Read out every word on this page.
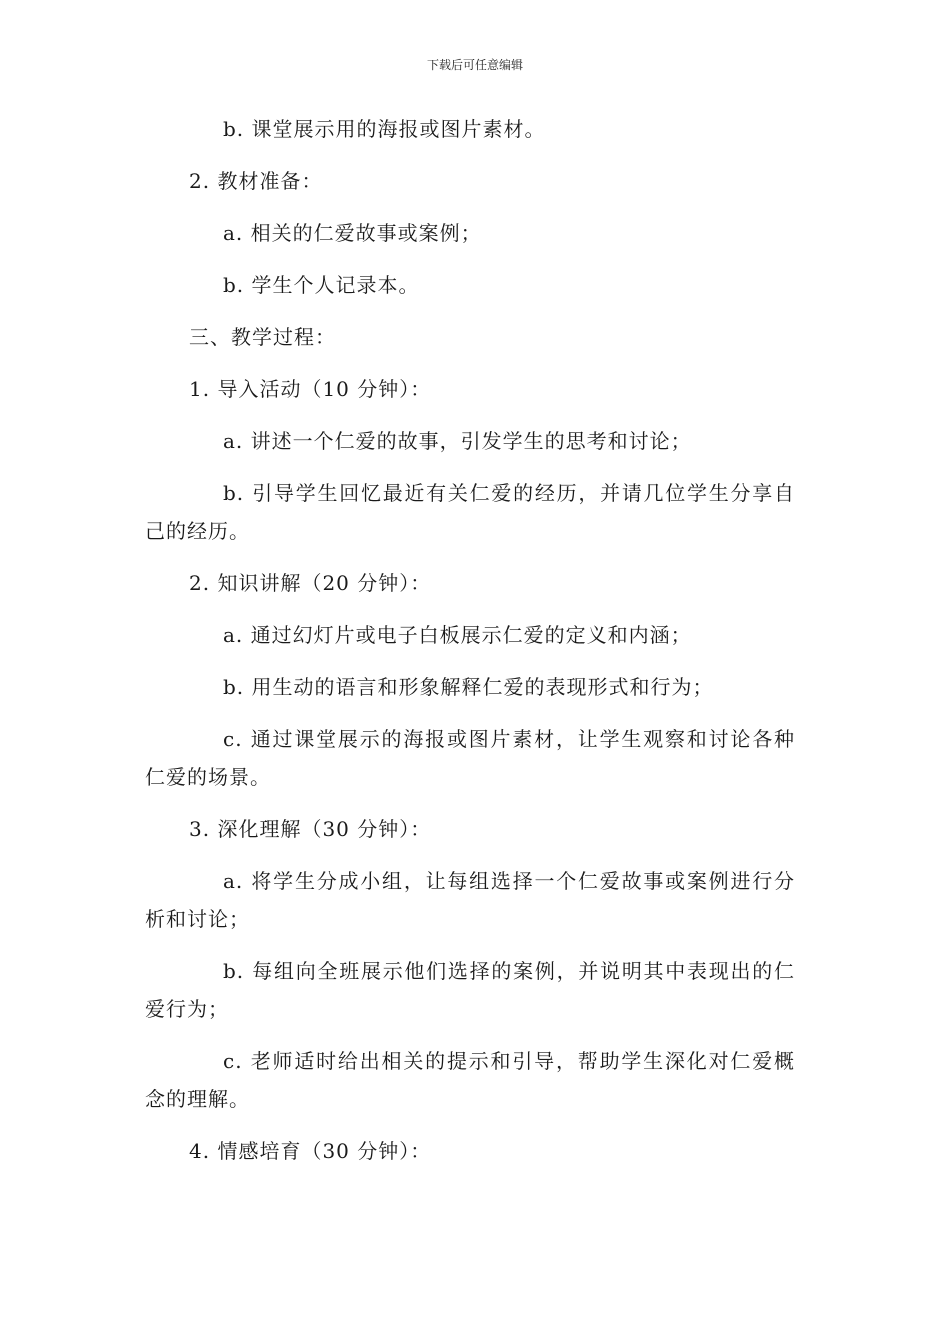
下载后可任意编辑

b. 课堂展示用的海报或图片素材。

2. 教材准备：

a. 相关的仁爱故事或案例；

b. 学生个人记录本。

三、教学过程：

1. 导入活动（10 分钟）：

a. 讲述一个仁爱的故事，引发学生的思考和讨论；

b. 引导学生回忆最近有关仁爱的经历，并请几位学生分享自己的经历。

2. 知识讲解（20 分钟）：

a. 通过幻灯片或电子白板展示仁爱的定义和内涵；

b. 用生动的语言和形象解释仁爱的表现形式和行为；

c. 通过课堂展示的海报或图片素材，让学生观察和讨论各种仁爱的场景。

3. 深化理解（30 分钟）：

a. 将学生分成小组，让每组选择一个仁爱故事或案例进行分析和讨论；

b. 每组向全班展示他们选择的案例，并说明其中表现出的仁爱行为；

c. 老师适时给出相关的提示和引导，帮助学生深化对仁爱概念的理解。

4. 情感培育（30 分钟）：
